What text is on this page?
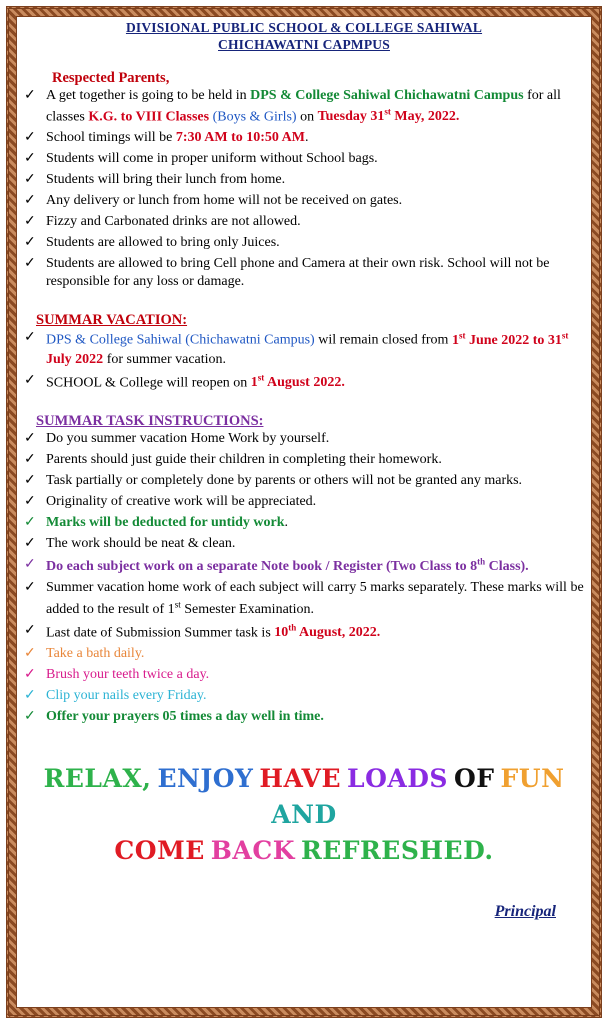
DIVISIONAL PUBLIC SCHOOL & COLLEGE SAHIWAL
CHICHAWATNI CAPMPUS
Respected Parents,
✓ A get together is going to be held in DPS & College Sahiwal Chichawatni Campus for all classes K.G. to VIII Classes (Boys & Girls) on Tuesday 31st May, 2022.
✓ School timings will be 7:30 AM to 10:50 AM.
✓ Students will come in proper uniform without School bags.
✓ Students will bring their lunch from home.
✓ Any delivery or lunch from home will not be received on gates.
✓ Fizzy and Carbonated drinks are not allowed.
✓ Students are allowed to bring only Juices.
✓ Students are allowed to bring Cell phone and Camera at their own risk. School will not be responsible for any loss or damage.
SUMMAR VACATION:
✓ DPS & College Sahiwal (Chichawatni Campus) wil remain closed from 1st June 2022 to 31st July 2022 for summer vacation.
✓ SCHOOL & College will reopen on 1st August 2022.
SUMMAR TASK INSTRUCTIONS:
✓ Do you summer vacation Home Work by yourself.
✓ Parents should just guide their children in completing their homework.
✓ Task partially or completely done by parents or others will not be granted any marks.
✓ Originality of creative work will be appreciated.
✓ Marks will be deducted for untidy work.
✓ The work should be neat & clean.
✓ Do each subject work on a separate Note book / Register (Two Class to 8th Class).
✓ Summer vacation home work of each subject will carry 5 marks separately. These marks will be added to the result of 1st Semester Examination.
✓ Last date of Submission Summer task is 10th August, 2022.
✓ Take a bath daily.
✓ Brush your teeth twice a day.
✓ Clip your nails every Friday.
✓ Offer your prayers 05 times a day well in time.
RELAX, ENJOY HAVE LOADS OF FUNAND
COME BACK REFRESHED.
Principal
